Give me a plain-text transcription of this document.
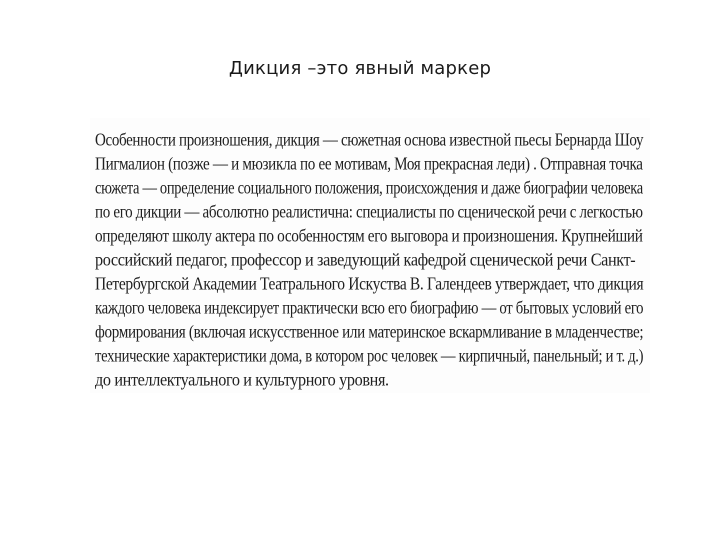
Дикция –это явный маркер
Особенности произношения, дикция — сюжетная основа известной пьесы Бернарда Шоу
Пигмалион (позже — и мюзикла по ее мотивам, Моя прекрасная леди) . Отправная точка
сюжета — определение социального положения, происхождения и даже биографии человека
по его дикции — абсолютно реалистична: специалисты по сценической речи с легкостью
определяют школу актера по особенностям его выговора и произношения. Крупнейший
российский педагог, профессор и заведующий кафедрой сценической речи Санкт-
Петербургской Академии Театрального Искуства В. Галендеев утверждает, что дикция
каждого человека индексирует практически всю его биографию — от бытовых условий его
формирования (включая искусственное или материнское вскармливание в младенчестве;
технические характеристики дома, в котором рос человек — кирпичный, панельный; и т. д.)
до интеллектуального и культурного уровня.
